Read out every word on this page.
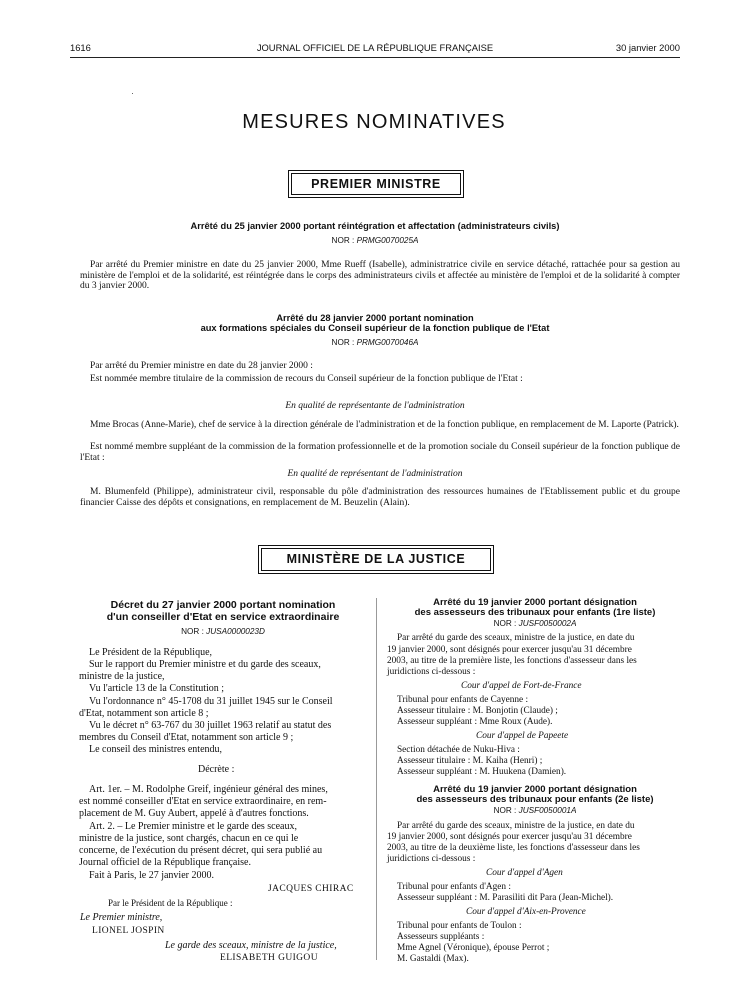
1616	JOURNAL OFFICIEL DE LA RÉPUBLIQUE FRANÇAISE	30 janvier 2000
MESURES NOMINATIVES
PREMIER MINISTRE
Arrêté du 25 janvier 2000 portant réintégration et affectation (administrateurs civils)
NOR : PRMG0070025A
Par arrêté du Premier ministre en date du 25 janvier 2000, Mme Rueff (Isabelle), administratrice civile en service détaché, rattachée pour sa gestion au ministère de l'emploi et de la solidarité, est réintégrée dans le corps des administrateurs civils et affectée au ministère de l'emploi et de la solidarité à compter du 3 janvier 2000.
Arrêté du 28 janvier 2000 portant nomination
aux formations spéciales du Conseil supérieur de la fonction publique de l'Etat
NOR : PRMG0070046A
Par arrêté du Premier ministre en date du 28 janvier 2000 :
Est nommée membre titulaire de la commission de recours du Conseil supérieur de la fonction publique de l'Etat :
En qualité de représentante de l'administration
Mme Brocas (Anne-Marie), chef de service à la direction générale de l'administration et de la fonction publique, en remplacement de M. Laporte (Patrick).
Est nommé membre suppléant de la commission de la formation professionnelle et de la promotion sociale du Conseil supérieur de la fonction publique de l'Etat :
En qualité de représentant de l'administration
M. Blumenfeld (Philippe), administrateur civil, responsable du pôle d'administration des ressources humaines de l'Etablissement public et du groupe financier Caisse des dépôts et consignations, en remplacement de M. Beuzelin (Alain).
MINISTÈRE DE LA JUSTICE
Décret du 27 janvier 2000 portant nomination
d'un conseiller d'Etat en service extraordinaire
NOR : JUSA0000023D
Le Président de la République,
Sur le rapport du Premier ministre et du garde des sceaux,
ministre de la justice,
Vu l'article 13 de la Constitution ;
Vu l'ordonnance n° 45-1708 du 31 juillet 1945 sur le Conseil
d'Etat, notamment son article 8 ;
Vu le décret n° 63-767 du 30 juillet 1963 relatif au statut des
membres du Conseil d'Etat, notamment son article 9 ;
Le conseil des ministres entendu,
Décrète :
Art. 1er. – M. Rodolphe Greif, ingénieur général des mines,
est nommé conseiller d'Etat en service extraordinaire, en rem-
placement de M. Guy Aubert, appelé à d'autres fonctions.
Art. 2. – Le Premier ministre et le garde des sceaux,
ministre de la justice, sont chargés, chacun en ce qui le
concerne, de l'exécution du présent décret, qui sera publié au
Journal officiel de la République française.
Fait à Paris, le 27 janvier 2000.
JACQUES CHIRAC
Par le Président de la République :
Le Premier ministre,
LIONEL JOSPIN
Le garde des sceaux, ministre de la justice,
ELISABETH GUIGOU
Arrêté du 19 janvier 2000 portant désignation
des assesseurs des tribunaux pour enfants (1re liste)
NOR : JUSF0050002A
Par arrêté du garde des sceaux, ministre de la justice, en date du
19 janvier 2000, sont désignés pour exercer jusqu'au 31 décembre
2003, au titre de la première liste, les fonctions d'assesseur dans les
juridictions ci-dessous :
Cour d'appel de Fort-de-France
Tribunal pour enfants de Cayenne :
Assesseur titulaire : M. Bonjotin (Claude) ;
Assesseur suppléant : Mme Roux (Aude).
Cour d'appel de Papeete
Section détachée de Nuku-Hiva :
Assesseur titulaire : M. Kaiha (Henri) ;
Assesseur suppléant : M. Huukena (Damien).
Arrêté du 19 janvier 2000 portant désignation
des assesseurs des tribunaux pour enfants (2e liste)
NOR : JUSF0050001A
Par arrêté du garde des sceaux, ministre de la justice, en date du
19 janvier 2000, sont désignés pour exercer jusqu'au 31 décembre
2003, au titre de la deuxième liste, les fonctions d'assesseur dans les
juridictions ci-dessous :
Cour d'appel d'Agen
Tribunal pour enfants d'Agen :
Assesseur suppléant : M. Parasiliti dit Para (Jean-Michel).
Cour d'appel d'Aix-en-Provence
Tribunal pour enfants de Toulon :
Assesseurs suppléants :
Mme Agnel (Véronique), épouse Perrot ;
M. Gastaldi (Max).
